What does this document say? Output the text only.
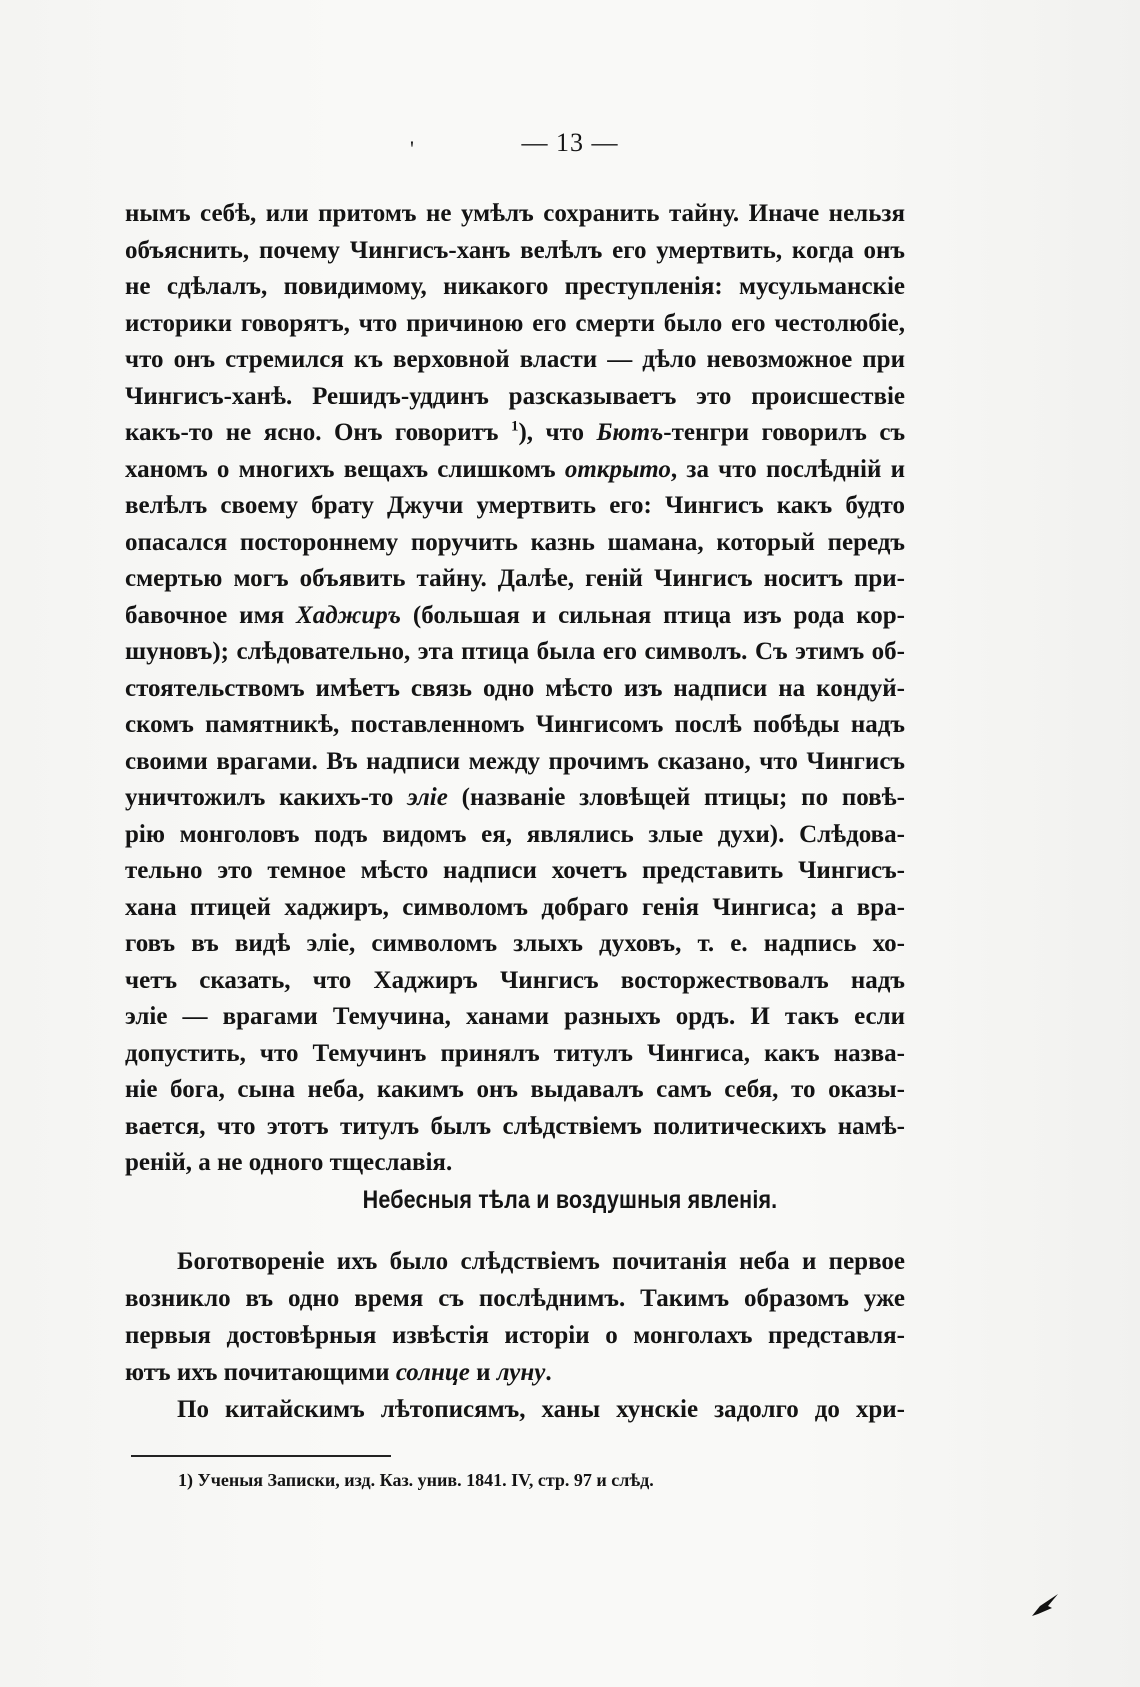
'	— 13 —
нымъ себѣ, или притомъ не умѣлъ сохранить тайну. Иначе нельзя
объяснить, почему Чингисъ-ханъ велѣлъ его умертвить, когда онъ
не сдѣлалъ, повидимому, никакого преступленія: мусульманскіе
историки говорятъ, что причиною его смерти было его честолюбіе,
что онъ стремился къ верховной власти — дѣло невозможное при
Чингисъ-ханѣ. Решидъ-уддинъ разсказываетъ это происшествіе
какъ-то не ясно. Онъ говоритъ $^1$), что Бютъ-тенгри говорилъ съ
ханомъ о многихъ вещахъ слишкомъ открыто, за что послѣдній и
велѣлъ своему брату Джучи умертвить его: Чингисъ какъ будто
опасался постороннему поручить казнь шамана, который передъ
смертью могъ объявить тайну. Далѣе, геній Чингисъ носитъ при-
бавочное имя Хаджиръ (большая и сильная птица изъ рода кор-
шуновъ); слѣдовательно, эта птица была его символъ. Съ этимъ об-
стоятельствомъ имѣетъ связь одно мѣсто изъ надписи на кондуй-
скомъ памятникѣ, поставленномъ Чингисомъ послѣ побѣды надъ
своими врагами. Въ надписи между прочимъ сказано, что Чингисъ
уничтожилъ какихъ-то эліе (названіе зловѣщей птицы; по повѣ-
рію монголовъ подъ видомъ ея, являлись злые духи). Слѣдова-
тельно это темное мѣсто надписи хочетъ представить Чингисъ-
хана птицей хаджиръ, символомъ добраго генія Чингиса; а вра-
говъ въ видѣ эліе, символомъ злыхъ духовъ, т. е. надпись хо-
четъ сказать, что Хаджиръ Чингисъ восторжествовалъ надъ
эліе — врагами Темучина, ханами разныхъ ордъ. И такъ если
допустить, что Темучинъ принялъ титулъ Чингиса, какъ назва-
ніе бога, сына неба, какимъ онъ выдавалъ самъ себя, то оказы-
вается, что этотъ титулъ былъ слѣдствіемъ политическихъ намѣ-
реній, а не одного тщеславія.
Небесныя тѣла и воздушныя явленія.
Боготвореніе ихъ было слѣдствіемъ почитанія неба и первое
возникло въ одно время съ послѣднимъ. Такимъ образомъ уже
первыя достовѣрныя извѣстія исторіи о монголахъ представля-
ютъ ихъ почитающими солнце и луну.
По китайскимъ лѣтописямъ, ханы хунскіе задолго до хри-
1) Ученыя Записки, изд. Каз. унив. 1841. IV, стр. 97 и слѣд.
